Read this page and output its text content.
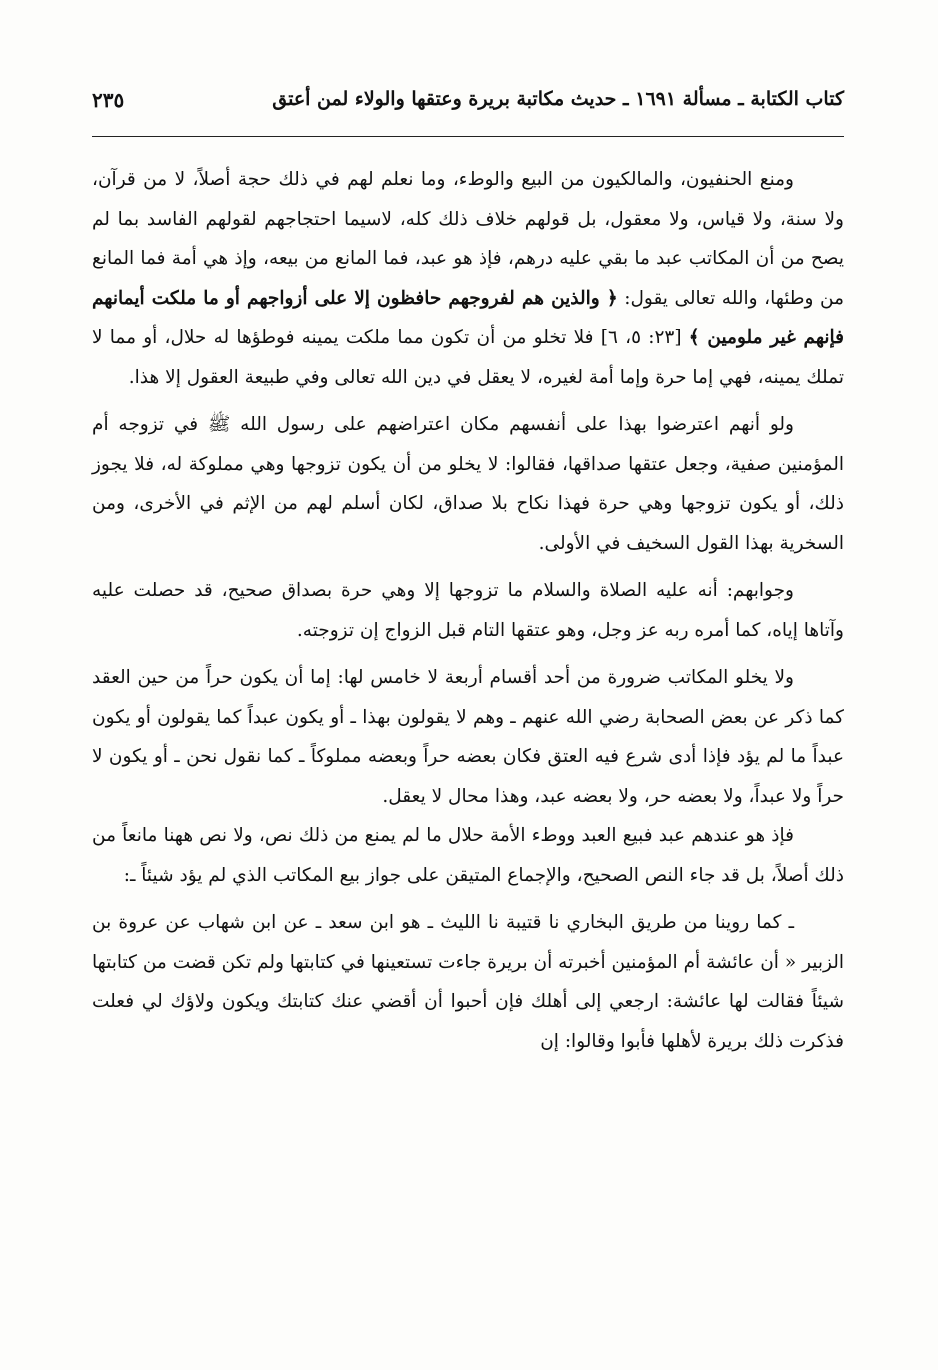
كتاب الكتابة ـ مسألة ١٦٩١ ـ حديث مكاتبة بريرة وعتقها والولاء لمن أعتق
٢٣٥

ومنع الحنفيون، والمالكيون من البيع والوطء، وما نعلم لهم في ذلك حجة أصلاً، لا من قرآن، ولا سنة، ولا قياس، ولا معقول، بل قولهم خلاف ذلك كله، لاسيما احتجاجهم لقولهم الفاسد بما لم يصح من أن المكاتب عبد ما بقي عليه درهم، فإذ هو عبد، فما المانع من بيعه، وإذ هي أمة فما المانع من وطئها، والله تعالى يقول: ﴿ والذين هم لفروجهم حافظون إلا على أزواجهم أو ما ملكت أيمانهم فإنهم غير ملومين ﴾ [٢٣: ٥، ٦] فلا تخلو من أن تكون مما ملكت يمينه فوطؤها له حلال، أو مما لا تملك يمينه، فهي إما حرة وإما أمة لغيره، لا يعقل في دين الله تعالى وفي طبيعة العقول إلا هذا.

ولو أنهم اعترضوا بهذا على أنفسهم مكان اعتراضهم على رسول الله ﷺ في تزوجه أم المؤمنين صفية، وجعل عتقها صداقها، فقالوا: لا يخلو من أن يكون تزوجها وهي مملوكة له، فلا يجوز ذلك، أو يكون تزوجها وهي حرة فهذا نكاح بلا صداق، لكان أسلم لهم من الإثم في الأخرى، ومن السخرية بهذا القول السخيف في الأولى.

وجوابهم: أنه عليه الصلاة والسلام ما تزوجها إلا وهي حرة بصداق صحيح، قد حصلت عليه وآتاها إياه، كما أمره ربه عز وجل، وهو عتقها التام قبل الزواج إن تزوجته.

ولا يخلو المكاتب ضرورة من أحد أقسام أربعة لا خامس لها: إما أن يكون حراً من حين العقد كما ذكر عن بعض الصحابة رضي الله عنهم ـ وهم لا يقولون بهذا ـ أو يكون عبداً كما يقولون أو يكون عبداً ما لم يؤد فإذا أدى شرع فيه العتق فكان بعضه حراً وبعضه مملوكاً ـ كما نقول نحن ـ أو يكون لا حراً ولا عبداً، ولا بعضه حر، ولا بعضه عبد، وهذا محال لا يعقل.

فإذ هو عندهم عبد فبيع العبد ووطء الأمة حلال ما لم يمنع من ذلك نص، ولا نص ههنا مانعاً من ذلك أصلاً، بل قد جاء النص الصحيح، والإجماع المتيقن على جواز بيع المكاتب الذي لم يؤد شيئاً ـ:

ـ كما روينا من طريق البخاري نا قتيبة نا الليث ـ هو ابن سعد ـ عن ابن شهاب عن عروة بن الزبير « أن عائشة أم المؤمنين أخبرته أن بريرة جاءت تستعينها في كتابتها ولم تكن قضت من كتابتها شيئاً فقالت لها عائشة: ارجعي إلى أهلك فإن أحبوا أن أقضي عنك كتابتك ويكون ولاؤك لي فعلت فذكرت ذلك بريرة لأهلها فأبوا وقالوا: إن
